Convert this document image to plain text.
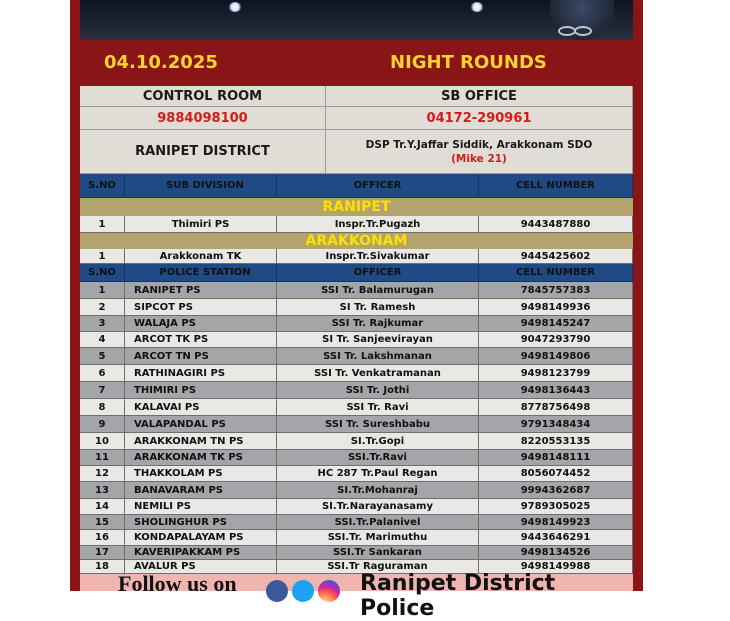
04.10.2025	NIGHT ROUNDS
CONTROL ROOM	SB OFFICE
9884098100	04172-290961
RANIPET DISTRICT	DSP Tr.Y.Jaffar Siddik, Arakkonam SDO
(Mike 21)
S.NO	SUB DIVISION	OFFICER	CELL NUMBER
RANIPET
1	Thimiri PS	Inspr.Tr.Pugazh	9443487880
ARAKKONAM
1	Arakkonam TK	Inspr.Tr.Sivakumar	9445425602
S.NO	POLICE STATION	OFFICER	CELL NUMBER
1	RANIPET PS	SSI Tr. Balamurugan	7845757383
2	SIPCOT PS	SI Tr. Ramesh	9498149936
3	WALAJA PS	SSI Tr. Rajkumar	9498145247
4	ARCOT TK PS	SI Tr. Sanjeevirayan	9047293790
5	ARCOT TN PS	SSI Tr. Lakshmanan	9498149806
6	RATHINAGIRI PS	SSI Tr. Venkatramanan	9498123799
7	THIMIRI PS	SSI Tr. Jothi	9498136443
8	KALAVAI PS	SSI Tr. Ravi	8778756498
9	VALAPANDAL PS	SSI Tr. Sureshbabu	9791348434
10	ARAKKONAM TN PS	SI.Tr.Gopi	8220553135
11	ARAKKONAM TK PS	SSI.Tr.Ravi	9498148111
12	THAKKOLAM PS	HC 287 Tr.Paul Regan	8056074452
13	BANAVARAM PS	SI.Tr.Mohanraj	9994362687
14	NEMILI PS	SI.Tr.Narayanasamy	9789305025
15	SHOLINGHUR PS	SSI.Tr.Palanivel	9498149923
16	KONDAPALAYAM PS	SSI.Tr. Marimuthu	9443646291
17	KAVERIPAKKAM PS	SSI.Tr Sankaran	9498134526
18	AVALUR PS	SSI.Tr Raguraman	9498149988
Follow us on	Ranipet District Police
